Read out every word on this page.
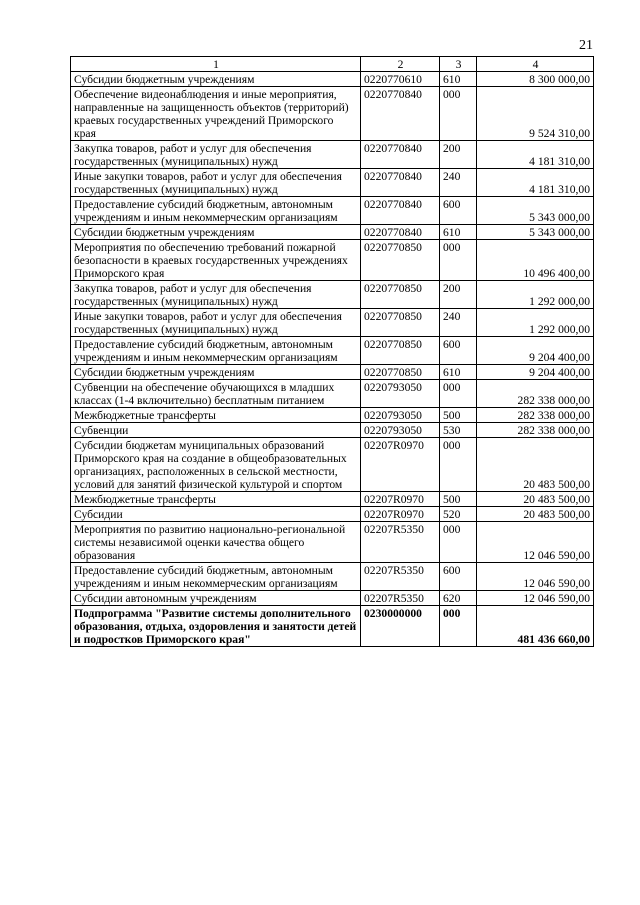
21
1	2	3	4
Субсидии бюджетным учреждениям	0220770610	610	8 300 000,00
Обеспечение видеонаблюдения и иные мероприятия, направленные на защищенность объектов (территорий) краевых государственных учреждений Приморского края	0220770840	000	9 524 310,00
Закупка товаров, работ и услуг для обеспечения государственных (муниципальных) нужд	0220770840	200	4 181 310,00
Иные закупки товаров, работ и услуг для обеспечения государственных (муниципальных) нужд	0220770840	240	4 181 310,00
Предоставление субсидий бюджетным, автономным учреждениям и иным некоммерческим организациям	0220770840	600	5 343 000,00
Субсидии бюджетным учреждениям	0220770840	610	5 343 000,00
Мероприятия по обеспечению требований пожарной безопасности в краевых государственных учреждениях Приморского края	0220770850	000	10 496 400,00
Закупка товаров, работ и услуг для обеспечения государственных (муниципальных) нужд	0220770850	200	1 292 000,00
Иные закупки товаров, работ и услуг для обеспечения государственных (муниципальных) нужд	0220770850	240	1 292 000,00
Предоставление субсидий бюджетным, автономным учреждениям и иным некоммерческим организациям	0220770850	600	9 204 400,00
Субсидии бюджетным учреждениям	0220770850	610	9 204 400,00
Субвенции на обеспечение обучающихся в младших классах (1-4 включительно) бесплатным питанием	0220793050	000	282 338 000,00
Межбюджетные трансферты	0220793050	500	282 338 000,00
Субвенции	0220793050	530	282 338 000,00
Субсидии бюджетам муниципальных образований Приморского края на создание в общеобразовательных организациях, расположенных в сельской местности, условий для занятий физической культурой и спортом	02207R0970	000	20 483 500,00
Межбюджетные трансферты	02207R0970	500	20 483 500,00
Субсидии	02207R0970	520	20 483 500,00
Мероприятия по развитию национально-региональной системы независимой оценки качества общего образования	02207R5350	000	12 046 590,00
Предоставление субсидий бюджетным, автономным учреждениям и иным некоммерческим организациям	02207R5350	600	12 046 590,00
Субсидии автономным учреждениям	02207R5350	620	12 046 590,00
Подпрограмма "Развитие системы дополнительного образования, отдыха, оздоровления и занятости детей и подростков Приморского края"	0230000000	000	481 436 660,00
